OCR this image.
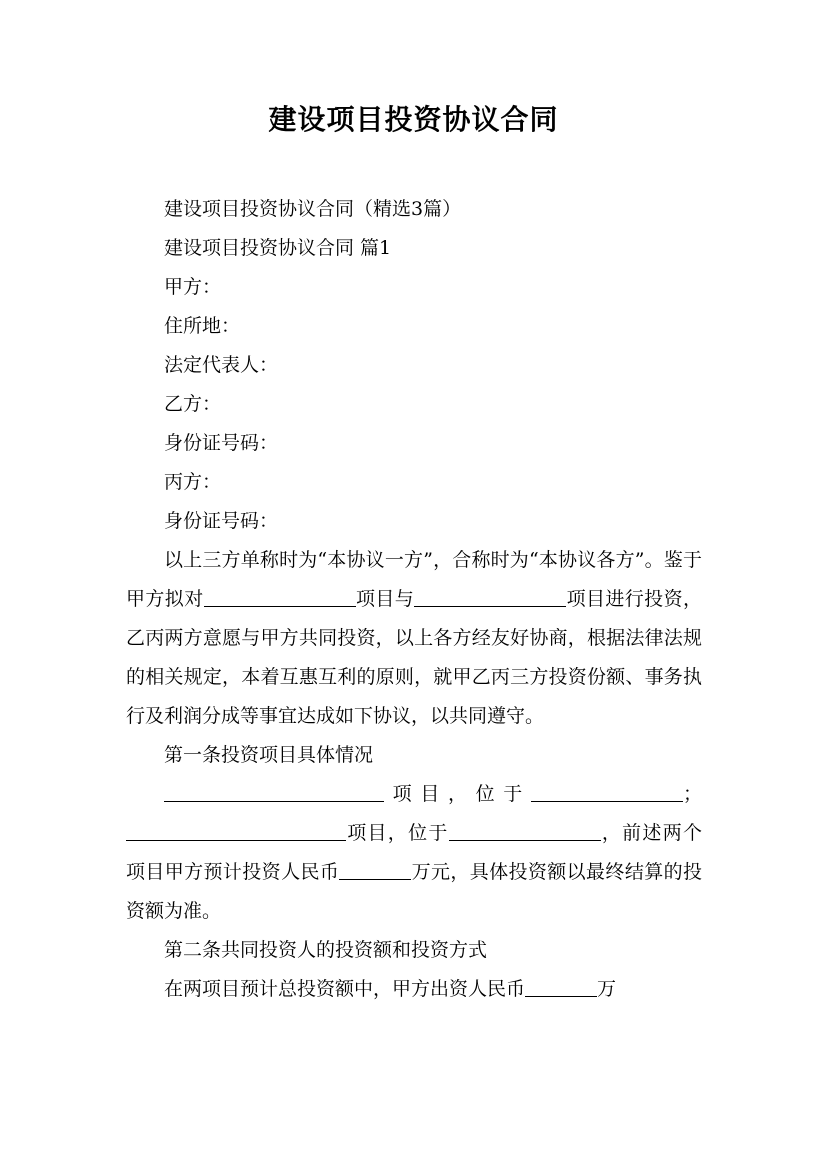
建设项目投资协议合同

建设项目投资协议合同（精选3篇）

建设项目投资协议合同 篇1

甲方：

住所地：

法定代表人：

乙方：

身份证号码：

丙方：

身份证号码：

以上三方单称时为“本协议一方”，合称时为“本协议各方”。鉴于甲方拟对	项目与	项目进行投资，乙丙两方意愿与甲方共同投资，以上各方经友好协商，根据法律法规的相关规定，本着互惠互利的原则，就甲乙丙三方投资份额、事务执行及利润分成等事宜达成如下协议，以共同遵守。

第一条投资项目具体情况

项目，位于	；项目，位于	，前述两个项目甲方预计投资人民币	万元，具体投资额以最终结算的投资额为准。

第二条共同投资人的投资额和投资方式

在两项目预计总投资额中，甲方出资人民币	万
